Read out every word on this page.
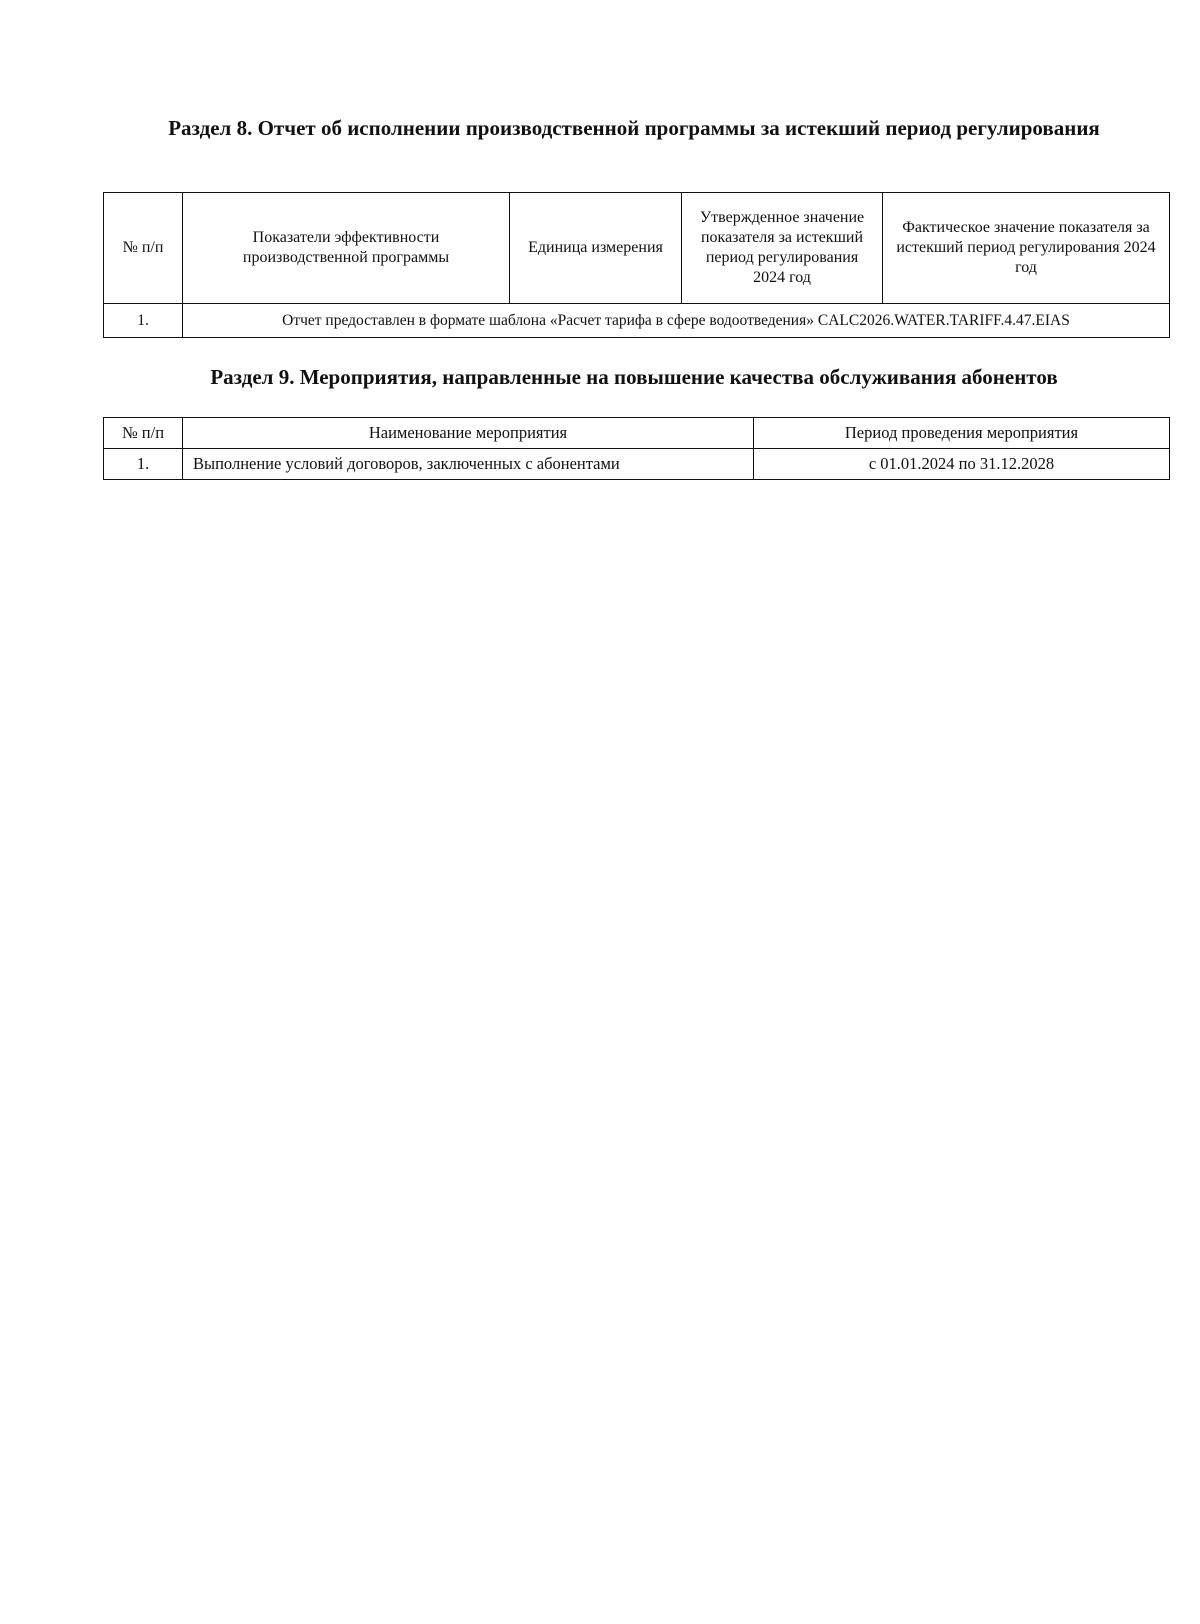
Раздел 8. Отчет об исполнении производственной программы за истекший период регулирования
№ п/п	Показатели эффективности производственной программы	Единица измерения	Утвержденное значение показателя за истекший период регулирования 2024 год	Фактическое значение показателя за истекший период регулирования 2024 год
1.	Отчет предоставлен в формате шаблона «Расчет тарифа в сфере водоотведения» CALC2026.WATER.TARIFF.4.47.EIAS			
Раздел 9. Мероприятия, направленные на повышение качества обслуживания абонентов
№ п/п	Наименование мероприятия	Период проведения мероприятия
1.	Выполнение условий договоров, заключенных с абонентами	с 01.01.2024 по 31.12.2028
